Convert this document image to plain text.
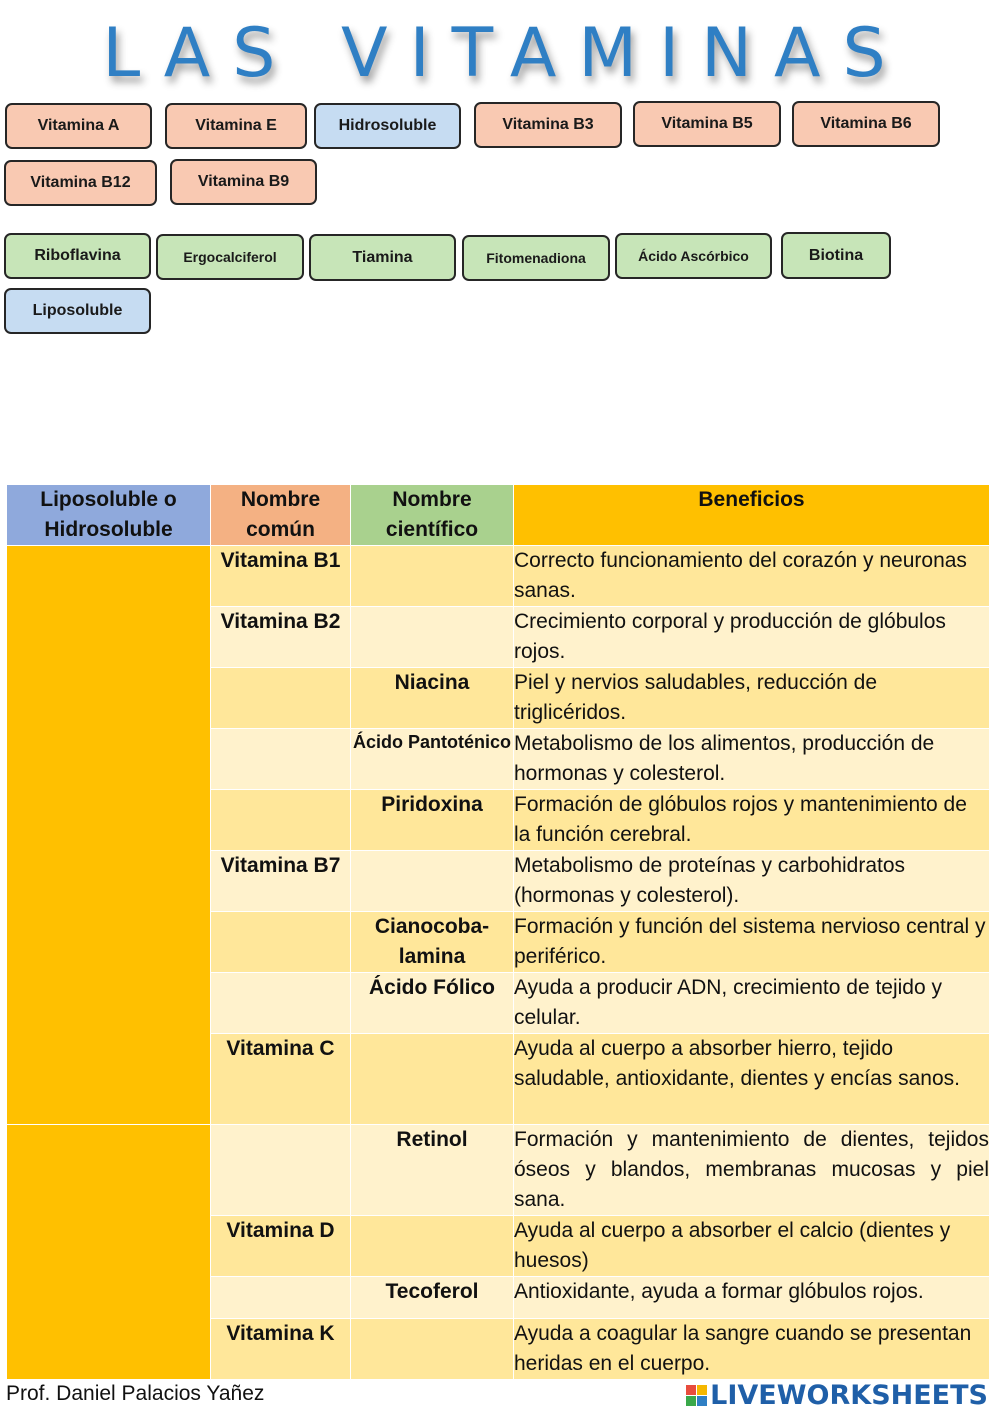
LAS VITAMINAS
Vitamina A	Vitamina E	Hidrosoluble	Vitamina B3	Vitamina B5	Vitamina B6
Vitamina B12	Vitamina B9
Riboflavina	Ergocalciferol	Tiamina	Fitomenadiona	Ácido Ascórbico	Biotina
Liposoluble
Liposoluble o Hidrosoluble	Nombre común	Nombre científico	Beneficios
	Vitamina B1		Correcto funcionamiento del corazón y neuronas sanas.
	Vitamina B2		Crecimiento corporal y producción de glóbulos rojos.
		Niacina	Piel y nervios saludables, reducción de triglicéridos.
		Ácido Pantoténico	Metabolismo de los alimentos, producción de hormonas y colesterol.
		Piridoxina	Formación de glóbulos rojos y mantenimiento de la función cerebral.
	Vitamina B7		Metabolismo de proteínas y carbohidratos (hormonas y colesterol).
		Cianocoba-lamina	Formación y función del sistema nervioso central y periférico.
		Ácido Fólico	Ayuda a producir ADN, crecimiento de tejido y celular.
	Vitamina C		Ayuda al cuerpo a absorber hierro, tejido saludable, antioxidante, dientes y encías sanos.
		Retinol	Formación y mantenimiento de dientes, tejidos óseos y blandos, membranas mucosas y piel sana.
	Vitamina D		Ayuda al cuerpo a absorber el calcio (dientes y huesos)
		Tecoferol	Antioxidante, ayuda a formar glóbulos rojos.
	Vitamina K		Ayuda a coagular la sangre cuando se presentan heridas en el cuerpo.
Prof. Daniel Palacios Yañez	LIVEWORKSHEETS
